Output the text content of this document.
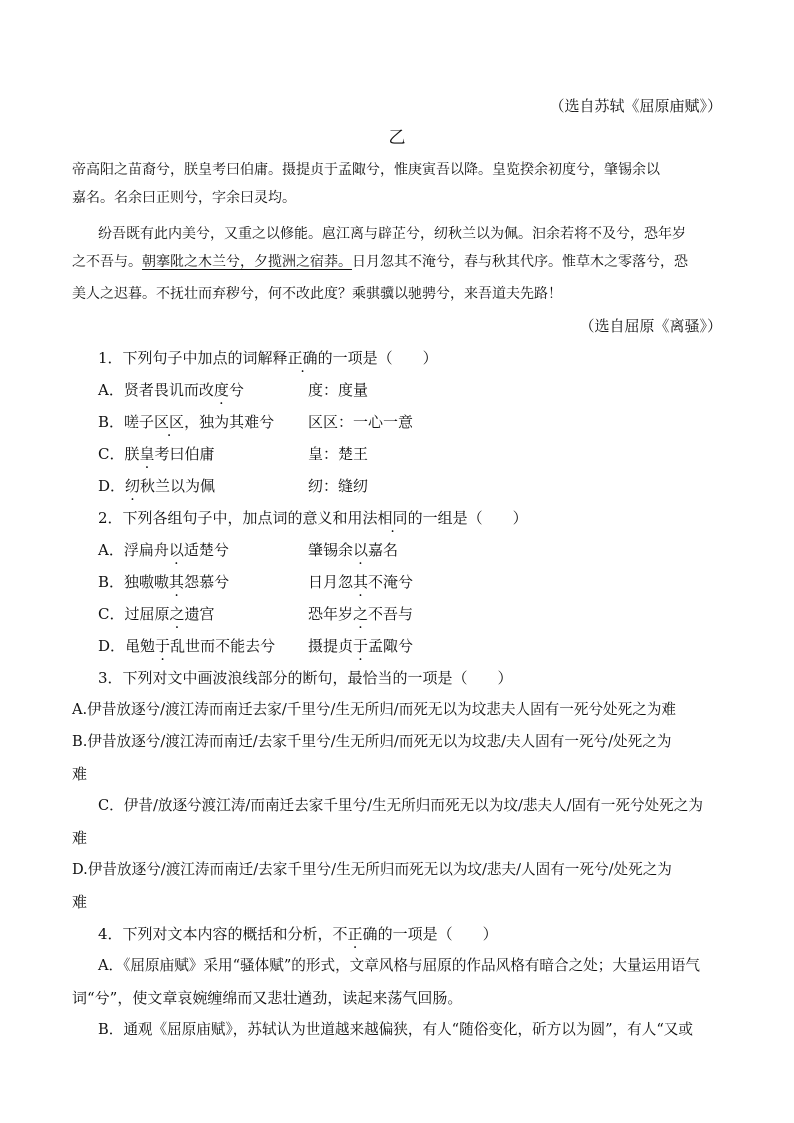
（选自苏轼《屈原庙赋》）
乙
帝高阳之苗裔兮，朕皇考曰伯庸。摄提贞于孟陬兮，惟庚寅吾以降。皇览揆余初度兮，肇锡余以
嘉名。名余曰正则兮，字余曰灵均。
纷吾既有此内美兮，又重之以修能。扈江离与辟芷兮，纫秋兰以为佩。汩余若将不及兮，恐年岁
之不吾与。朝搴阰之木兰兮，夕揽洲之宿莽。日月忽其不淹兮，春与秋其代序。惟草木之零落兮，恐
美人之迟暮。不抚壮而弃秽兮，何不改此度？乘骐骥以驰骋兮，来吾道夫先路！
（选自屈原《离骚》）
1．下列句子中加点的词解释正确的一项是（　　）
A．贤者畏讥而改度兮	度：度量
B．嗟子区区，独为其难兮 区区：一心一意
C．朕皇考曰伯庸	皇：楚王
D．纫秋兰以为佩	纫：缝纫
2．下列各组句子中，加点词的意义和用法相同的一组是（　　）
A．浮扁舟以适楚兮	肇锡余以嘉名
B．独嗷嗷其怨慕兮	日月忽其不淹兮
C．过屈原之遗宫	恐年岁之不吾与
D．黾勉于乱世而不能去兮 摄提贞于孟陬兮
3．下列对文中画波浪线部分的断句，最恰当的一项是（　　）
A.伊昔放逐兮/渡江涛而南迁去家/千里兮/生无所归/而死无以为坟悲夫人固有一死兮处死之为难
B.伊昔放逐兮/渡江涛而南迁/去家千里兮/生无所归/而死无以为坟悲/夫人固有一死兮/处死之为
难
C．伊昔/放逐兮渡江涛/而南迁去家千里兮/生无所归而死无以为坟/悲夫人/固有一死兮处死之为
难
D.伊昔放逐兮/渡江涛而南迁/去家千里兮/生无所归而死无以为坟/悲夫/人固有一死兮/处死之为
难
4．下列对文本内容的概括和分析，不正确的一项是（　　）
A．《屈原庙赋》采用“骚体赋”的形式，文章风格与屈原的作品风格有暗合之处；大量运用语气
词“兮”，使文章哀婉缠绵而又悲壮遒劲，读起来荡气回肠。
B．通观《屈原庙赋》，苏轼认为世道越来越偏狭，有人“随俗变化，斫方以为圆”，有人“又或
